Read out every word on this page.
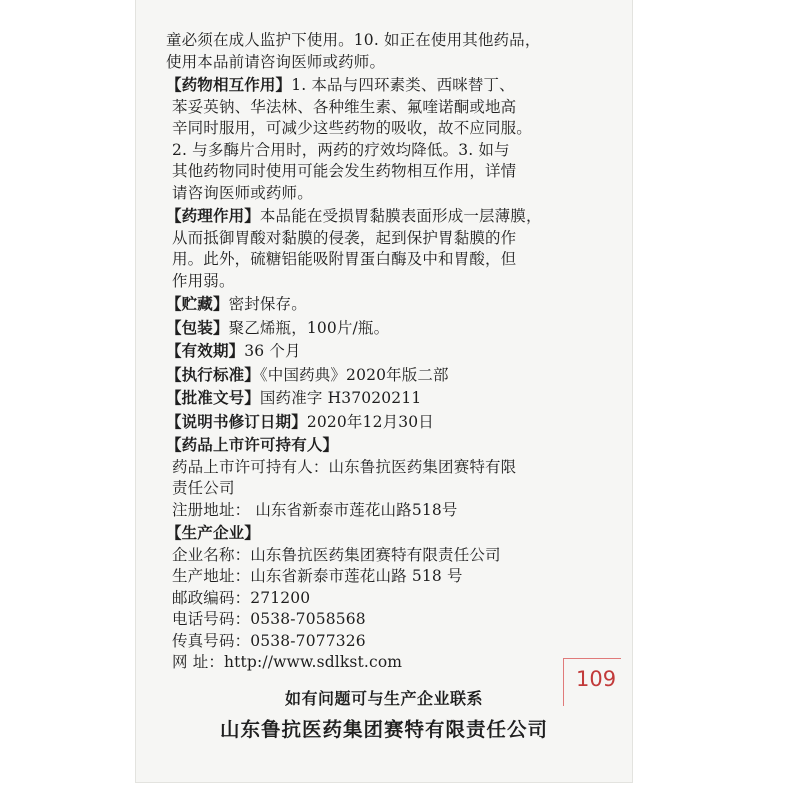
童必须在成人监护下使用。10. 如正在使用其他药品，
使用本品前请咨询医师或药师。
【药物相互作用】1. 本品与四环素类、西咪替丁、
苯妥英钠、华法林、各种维生素、氟喹诺酮或地高
辛同时服用，可减少这些药物的吸收，故不应同服。
2. 与多酶片合用时，两药的疗效均降低。3. 如与
其他药物同时使用可能会发生药物相互作用，详情
请咨询医师或药师。
【药理作用】本品能在受损胃黏膜表面形成一层薄膜，
从而抵御胃酸对黏膜的侵袭，起到保护胃黏膜的作
用。此外，硫糖铝能吸附胃蛋白酶及中和胃酸，但
作用弱。
【贮藏】密封保存。
【包装】聚乙烯瓶，100片/瓶。
【有效期】36 个月
【执行标准】《中国药典》2020年版二部
【批准文号】国药准字 H37020211
【说明书修订日期】2020年12月30日
【药品上市许可持有人】
药品上市许可持有人：山东鲁抗医药集团赛特有限
责任公司
注册地址： 山东省新泰市莲花山路518号
【生产企业】
企业名称：山东鲁抗医药集团赛特有限责任公司
生产地址：山东省新泰市莲花山路 518 号
邮政编码：271200
电话号码：0538-7058568
传真号码：0538-7077326
网 址：http://www.sdlkst.com
109
如有问题可与生产企业联系
山东鲁抗医药集团赛特有限责任公司
